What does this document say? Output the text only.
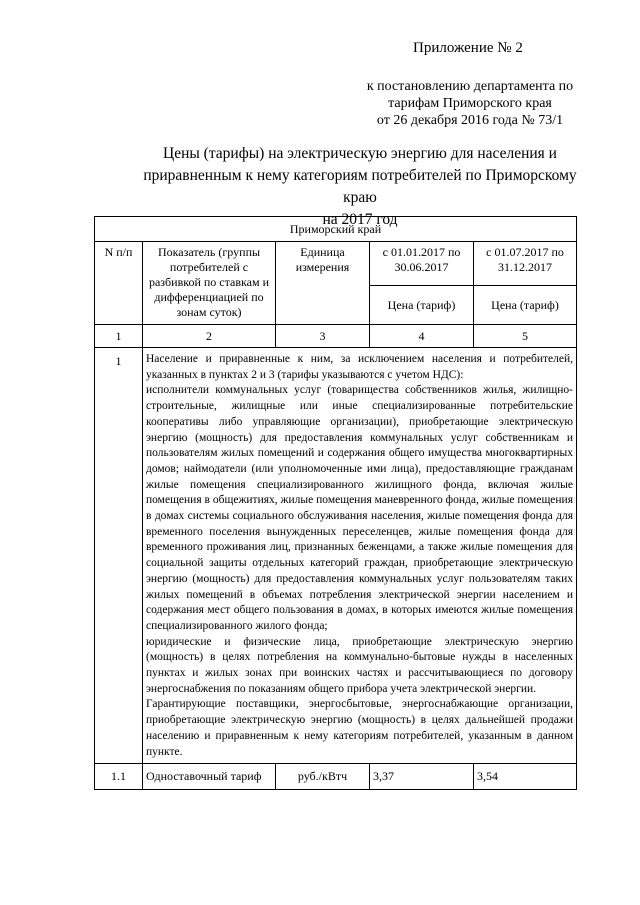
Приложение № 2
к постановлению департамента по
тарифам Приморского края
от 26 декабря 2016 года № 73/1
Цены (тарифы) на электрическую энергию для населения и
приравненным к нему категориям потребителей по Приморскому краю
на 2017 год
Приморский край				
N п/п	Показатель (группы потребителей с разбивкой по ставкам и дифференциацией по зонам суток)	Единица измерения	с 01.01.2017 по 30.06.2017	с 01.07.2017 по 31.12.2017
			Цена (тариф)	Цена (тариф)
1	2	3	4	5
1	Население и приравненные к ним, за исключением населения и потребителей, указанных в пунктах 2 и 3 (тарифы указываются с учетом НДС):

исполнители коммунальных услуг (товарищества собственников жилья, жилищно-строительные, жилищные или иные специализированные потребительские кооперативы либо управляющие организации), приобретающие электрическую энергию (мощность) для предоставления коммунальных услуг собственникам и пользователям жилых помещений и содержания общего имущества многоквартирных домов; наймодатели (или уполномоченные ими лица), предоставляющие гражданам жилые помещения специализированного жилищного фонда, включая жилые помещения в общежитиях, жилые помещения маневренного фонда, жилые помещения в домах системы социального обслуживания населения, жилые помещения фонда для временного поселения вынужденных переселенцев, жилые помещения фонда для временного проживания лиц, признанных беженцами, а также жилые помещения для социальной защиты отдельных категорий граждан, приобретающие электрическую энергию (мощность) для предоставления коммунальных услуг пользователям таких жилых помещений в объемах потребления электрической энергии населением и содержания мест общего пользования в домах, в которых имеются жилые помещения специализированного жилого фонда;

юридические и физические лица, приобретающие электрическую энергию (мощность) в целях потребления на коммунально-бытовые нужды в населенных пунктах и жилых зонах при воинских частях и рассчитывающиеся по договору энергоснабжения по показаниям общего прибора учета электрической энергии.

Гарантирующие поставщики, энергосбытовые, энергоснабжающие организации, приобретающие электрическую энергию (мощность) в целях дальнейшей продажи населению и приравненным к нему категориям потребителей, указанным в данном пункте.			

1.1	Одноставочный тариф	руб./кВтч	3,37	3,54
